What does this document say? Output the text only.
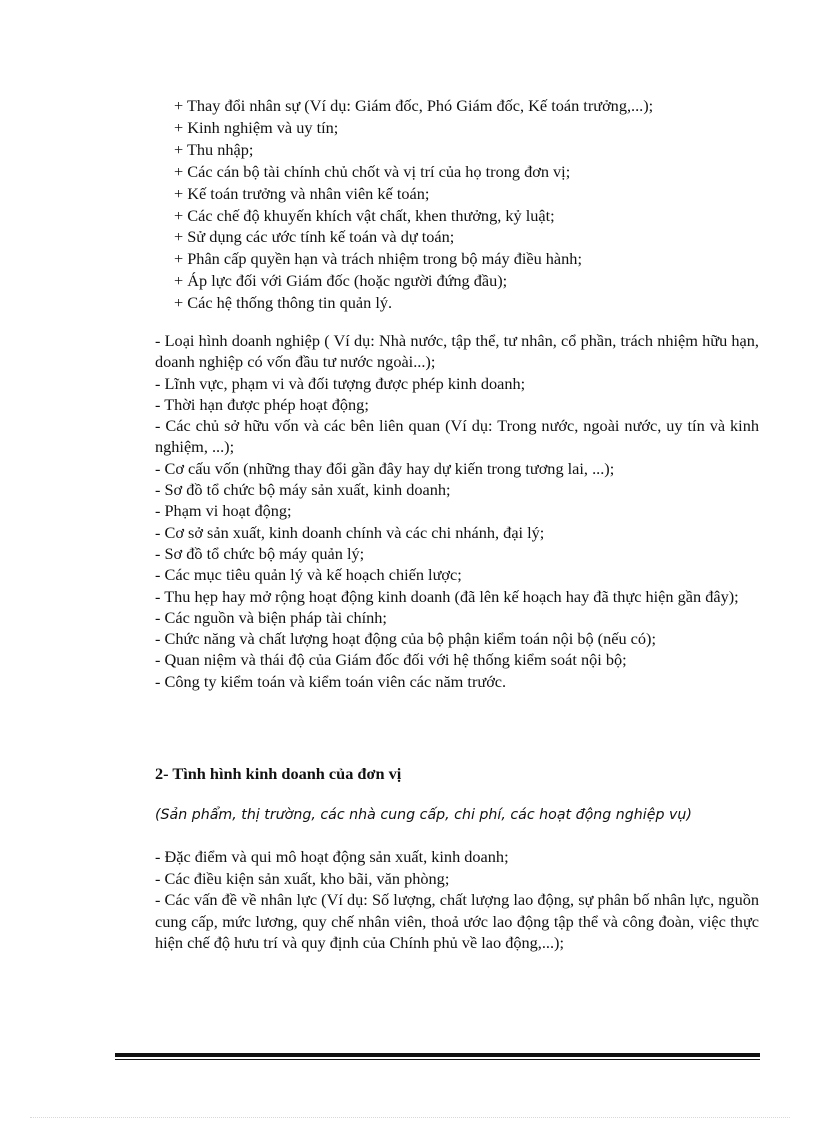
+ Thay đổi nhân sự (Ví dụ: Giám đốc, Phó Giám đốc, Kế toán trưởng,...);
+ Kinh nghiệm và uy tín;
+ Thu nhập;
+ Các cán bộ tài chính chủ chốt và vị trí của họ trong đơn vị;
+ Kế toán trưởng và nhân viên kế toán;
+ Các chế độ khuyến khích vật chất, khen thưởng, kỷ luật;
+ Sử dụng các ước tính kế toán và dự toán;
+ Phân cấp quyền hạn và trách nhiệm trong bộ máy điều hành;
+ Áp lực đối với Giám đốc (hoặc người đứng đầu);
+ Các hệ thống thông tin quản lý.
- Loại hình doanh nghiệp ( Ví dụ: Nhà nước, tập thể, tư nhân, cổ phần, trách nhiệm hữu hạn, doanh nghiệp có vốn đầu tư nước ngoài...);
- Lĩnh vực, phạm vi và đối tượng được phép kinh doanh;
- Thời hạn được phép hoạt động;
- Các chủ sở hữu vốn và các bên liên quan (Ví dụ: Trong nước, ngoài nước, uy tín và kinh nghiệm, ...);
- Cơ cấu vốn (những thay đổi gần đây hay dự kiến trong tương lai, ...);
- Sơ đồ tổ chức bộ máy sản xuất, kinh doanh;
- Phạm vi hoạt động;
- Cơ sở sản xuất, kinh doanh chính và các chi nhánh, đại lý;
- Sơ đồ tổ chức bộ máy quản lý;
- Các mục tiêu quản lý và kế hoạch chiến lược;
- Thu hẹp hay mở rộng hoạt động kinh doanh (đã lên kế hoạch hay đã thực hiện gần đây);
- Các nguồn và biện pháp tài chính;
- Chức năng và chất lượng hoạt động của bộ phận kiểm toán nội bộ (nếu có);
- Quan niệm và thái độ của Giám đốc đối với hệ thống kiểm soát nội bộ;
- Công ty kiểm toán và kiểm toán viên các năm trước.
2- Tình hình kinh doanh của đơn vị
(Sản phẩm, thị trường, các nhà cung cấp, chi phí, các hoạt động nghiệp vụ)
- Đặc điểm và qui mô hoạt động sản xuất, kinh doanh;
- Các điều kiện sản xuất, kho bãi, văn phòng;
- Các vấn đề về nhân lực (Ví dụ: Số lượng, chất lượng lao động, sự phân bố nhân lực, nguồn cung cấp, mức lương, quy chế nhân viên, thoả ước lao động tập thể và công đoàn, việc thực hiện chế độ hưu trí và quy định của Chính phủ về lao động,...);
